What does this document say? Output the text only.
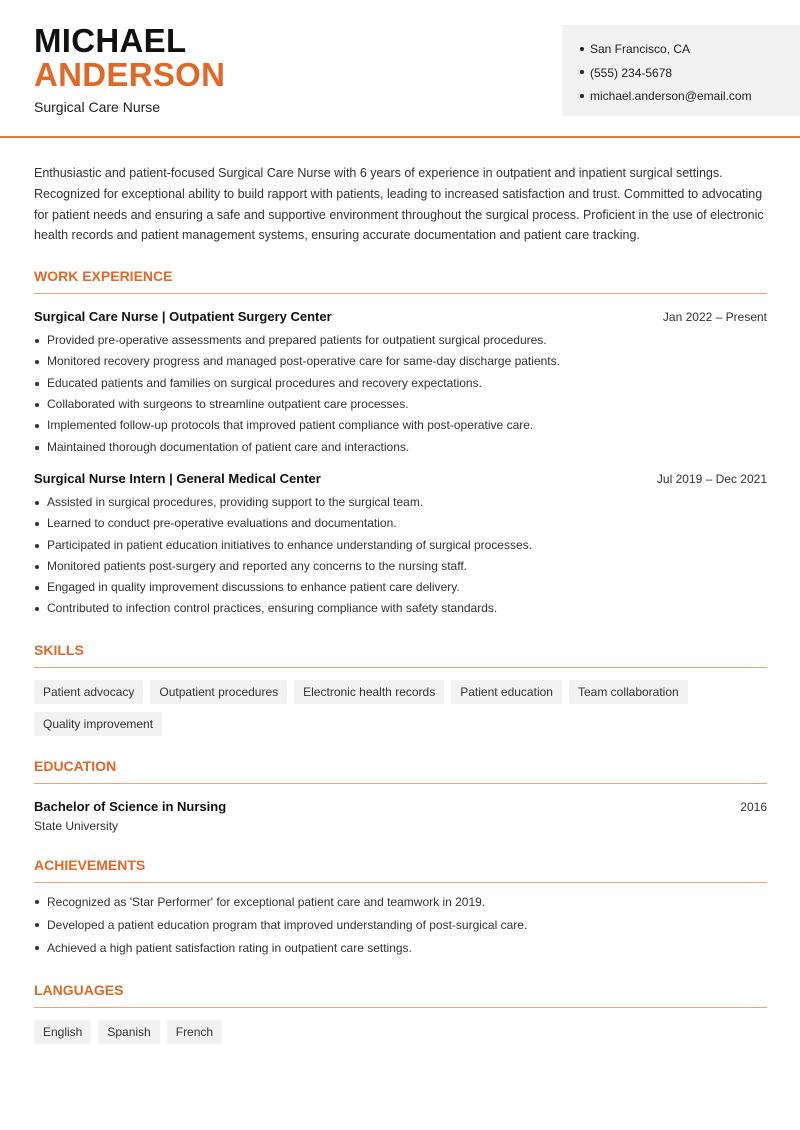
MICHAEL
ANDERSON
Surgical Care Nurse
San Francisco, CA
(555) 234-5678
michael.anderson@email.com

Enthusiastic and patient-focused Surgical Care Nurse with 6 years of experience in outpatient and inpatient surgical settings. Recognized for exceptional ability to build rapport with patients, leading to increased satisfaction and trust. Committed to advocating for patient needs and ensuring a safe and supportive environment throughout the surgical process. Proficient in the use of electronic health records and patient management systems, ensuring accurate documentation and patient care tracking.

WORK EXPERIENCE
Surgical Care Nurse | Outpatient Surgery Center	Jan 2022 – Present
Provided pre-operative assessments and prepared patients for outpatient surgical procedures.
Monitored recovery progress and managed post-operative care for same-day discharge patients.
Educated patients and families on surgical procedures and recovery expectations.
Collaborated with surgeons to streamline outpatient care processes.
Implemented follow-up protocols that improved patient compliance with post-operative care.
Maintained thorough documentation of patient care and interactions.
Surgical Nurse Intern | General Medical Center	Jul 2019 – Dec 2021
Assisted in surgical procedures, providing support to the surgical team.
Learned to conduct pre-operative evaluations and documentation.
Participated in patient education initiatives to enhance understanding of surgical processes.
Monitored patients post-surgery and reported any concerns to the nursing staff.
Engaged in quality improvement discussions to enhance patient care delivery.
Contributed to infection control practices, ensuring compliance with safety standards.
SKILLS
Patient advocacy	Outpatient procedures	Electronic health records	Patient education	Team collaboration
Quality improvement
EDUCATION
Bachelor of Science in Nursing	2016
State University
ACHIEVEMENTS
Recognized as 'Star Performer' for exceptional patient care and teamwork in 2019.
Developed a patient education program that improved understanding of post-surgical care.
Achieved a high patient satisfaction rating in outpatient care settings.
LANGUAGES
English	Spanish	French
